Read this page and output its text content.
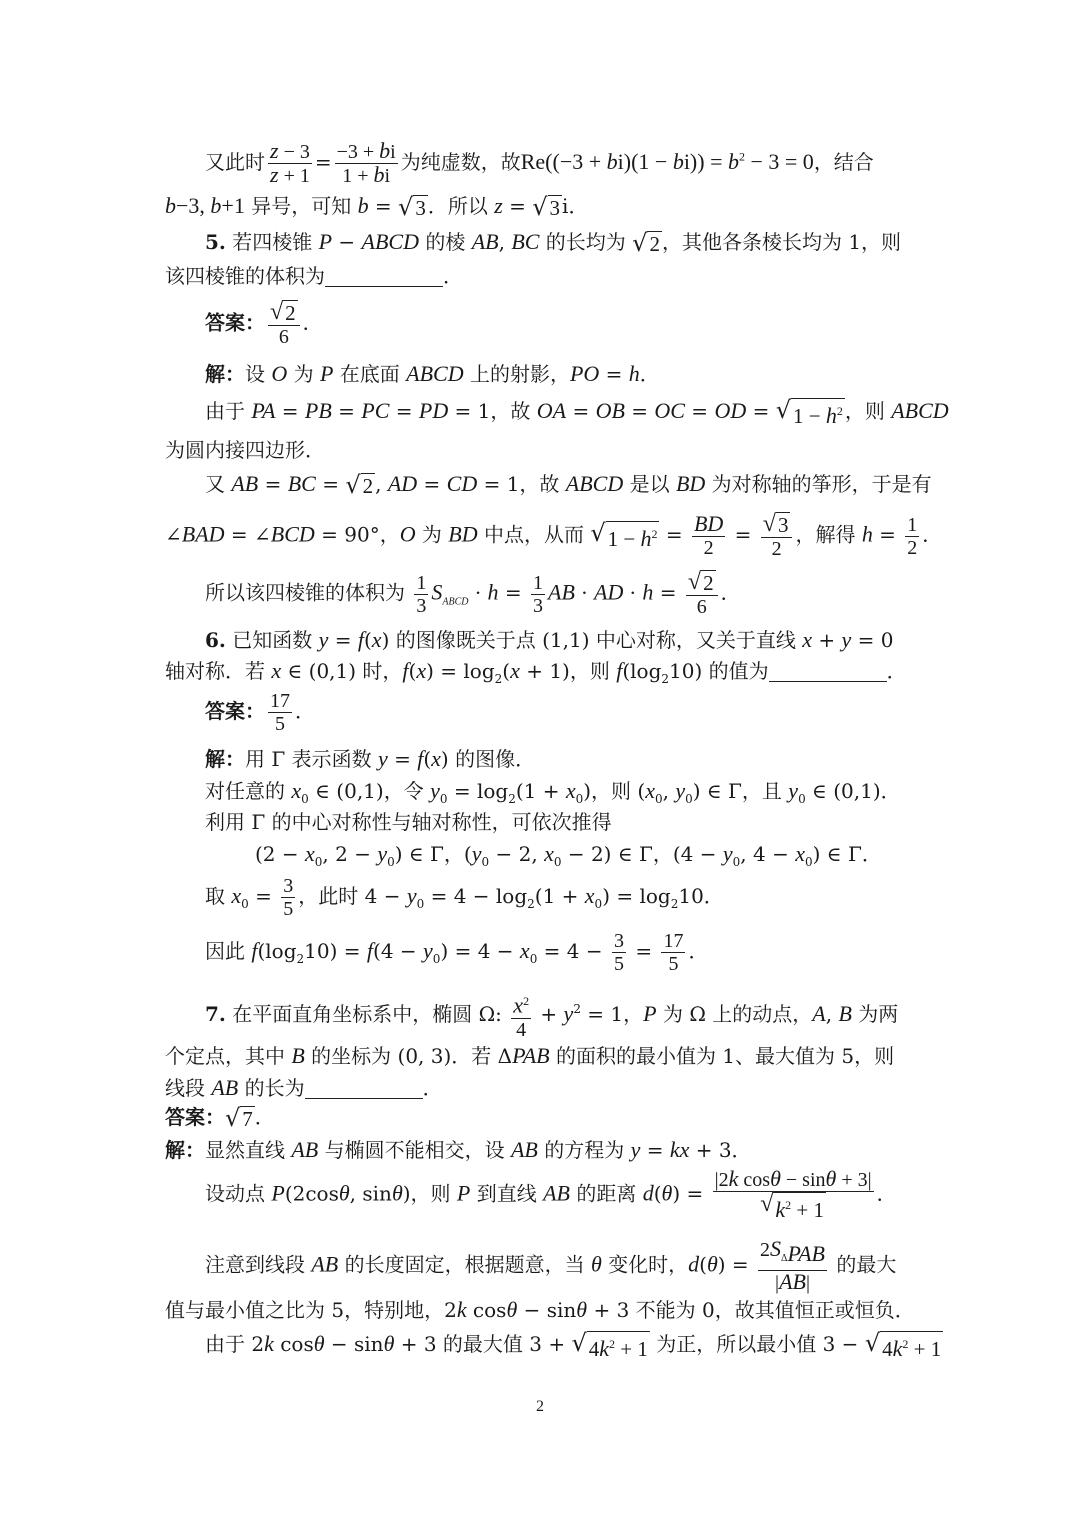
又此时 $\frac{z - 3}{z + 1} = \frac{-3 + bi}{1 + bi}$ 为纯虚数，故$Re((-3 + bi)(1 - bi)) = b^2 - 3 = 0$，结合
b−3, b+1 异号，可知 b = √ 3 ．所以 z = √ 3 i．
5. 若四棱锥 P − ABCD 的棱 AB, BC 的长均为 √ 2 ，其他各条棱长均为 1，则
该四棱锥的体积为	．
答案： $\frac{√ 2}{6}$ ．
解：设 O 为 P 在底面 ABCD 上的射影，PO = h．
由于 PA = PB = PC = PD = 1，故 OA = OB = OC = OD = √ $1 - h^2$ ，则 ABCD
为圆内接四边形．
又 AB = BC = √ 2 , AD = CD = 1，故 ABCD 是以 BD 为对称轴的筝形，于是有
∠BAD = ∠BCD = 90°，O 为 BD 中点，从而 √ $1 - h^2 = \frac{BD}{2} = \frac{√ 3}{2}$ ，解得 $h = \frac{1}{2}$ ．
所以该四棱锥的体积为 $\frac{1}{3} S_{ABCD} \cdot h = \frac{1}{3}$ AB · AD · $h = \frac{√ 2}{6}$ ．
6. 已知函数 y = f(x) 的图像既关于点 (1,1) 中心对称，又关于直线 x + y = 0
轴对称．若 x ∈ (0,1) 时，$f(x) = \log_2(x + 1)$，则 $f(\log_210)$ 的值为	．
答案： $\frac{17}{5}$ ．
解：用 Γ 表示函数 y = f(x) 的图像．
对任意的 $x_0$ ∈ (0,1)，令 $y_0 = \log_2(1 + x_0)$，则 ($x_0$, $y_0$) ∈ Γ，且 $y_0$ ∈ (0,1)．
利用 Γ 的中心对称性与轴对称性，可依次推得
($2 - x_0$, $2 - y_0$) ∈ Γ，($y_0 - 2$, $x_0 - 2$) ∈ Γ，($4 - y_0$, $4 - x_0$) ∈ Γ．
取 $x_0 = \frac{3}{5}$ ，此时 $4 - y_0 = 4 - \log_2(1 + x_0) = \log_210$．
因此 $f(\log_210) = f(4 - y_0) = 4 - x_0 = 4 - \frac{3}{5} = \frac{17}{5}$ ．
7. 在平面直角坐标系中，椭圆 Ω: $\frac{x^2}{4} + y^2 = 1$，P 为 Ω 上的动点，A, B 为两
个定点，其中 B 的坐标为 (0, 3)．若 ΔPAB 的面积的最小值为 1、最大值为 5，则
线段 AB 的长为	．
答案： √ 7 ．
解：显然直线 AB 与椭圆不能相交，设 AB 的方程为 y = kx + 3．
设动点 P(2cosθ, sinθ)，则 P 到直线 AB 的距离 $d(\theta) = \frac{\text{|2k cosθ − sinθ + 3|}}{√ k^2 + 1}$ ．
注意到线段 AB 的长度固定，根据题意，当 θ 变化时，$d(\theta) = \frac{2S_{\Delta PAB}}{|AB|}$ 的最大
值与最小值之比为 5，特别地，2k cosθ − sinθ + 3 不能为 0，故其值恒正或恒负．
由于 2k cosθ − sinθ + 3 的最大值 3 + √ $4k^2 + 1$ 为正，所以最小值 3 − √ $4k^2 + 1$
2
